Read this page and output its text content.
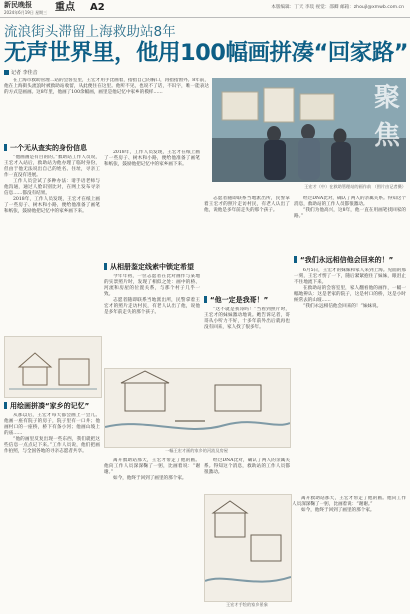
新民晚报
2024年6月19日 星期三 重点 A2	本版编辑：丁天 李琰 视觉：邵卿 邮箱：zhoujl@xmwb.com.cn
流浪街头滞留上海救助站8年
无声世界里，他用100幅画拼凑“回家路”
记者 李佳音
在上海市救助管理二站的会客室里，王宏才用手比画着，指指自己的胸口，再指指窗外。8年前，他在上海街头流浪时被救助站收留，从此便住在这里。他听不见，也说不了话，不识字，唯一能表达的方式是画画。这8年里，他画了100余幅画，画里是他记忆中家乡的模样……	聚
焦
王宏才（中）在救助管理站的画作前 （图片由记者摄）
一个无从查实的身份信息

“他画画是有目的的。”救助站工作人员说，王宏才入站后，救助站为他办理了临时身份，但由于他无法说出自己的姓名、住址，寻亲工作一直没有进展。

工作人员尝试了多种办法：请手语老师与他沟通，通过人脸识别比对，在网上发布寻亲信息……都没有结果。

2018年，工作人员发现，王宏才在纸上画了一些房子、树木和小路，便给他准备了画笔和纸张，鼓励他把记忆中的家乡画下来。

用绘画拼凑“家乡的记忆”

从那以后，王宏才每天都会画上一会儿。他画一座有院子的房子，院子里有一口井；他画村口的一座桥，桥下有条小河；他画山坡上的庙……

“他的画里反复出现一些东西，我们就把这些信息一点点记下来。”工作人员说，他们把画作拍照，与全国各地的寻亲志愿者共享。

从相册鉴定线索中锁定希望

2018年，工作人员发现，王宏才在纸上画了一些房子、树木和小路，便给他准备了画笔和纸张，鼓励他把记忆中的家乡画下来。

今年年初，一位志愿者在比对画作与某地的实景照片时，发现了相似之处：画中的桥、河流和房屋的位置关系，与那个村子几乎一致。

志愿者随即联系当地派出所，民警拿着王宏才的照片走访村民，有老人认出了他，说他是多年前走失的那个孩子。

一幅王宏才画的家乡的河流及房屋

离开救助站那天，王宏才带走了他的画。他向工作人员深深鞠了一躬，比画着说：“谢谢。”

如今，他终于回到了画里的那个家。

志愿者随即联系当地派出所，民警拿着王宏才的照片走访村民，有老人认出了他，说他是多年前走失的那个孩子。

“他一定是我哥！”

“这不就是我哥吗！”当看到照片时，王宏才的妹妹激动地说。她告诉记者，哥哥从小听力不好，十多年前外出后就再也没有回来，家人找了很多年。

经过DNA比对，确认了两人的亲属关系。得知这个消息，救助站的工作人员都很激动。

王宏才手绘的家乡景象

经过DNA比对，确认了两人的亲属关系。得知这个消息，救助站的工作人员都很激动。

“我们为他高兴，这8年，他一直在用画笔找回家的路。”

“我们永远相信他会回来的！”

6月5日，王宏才的妹妹和家人来到上海。见面的那一刻，王宏才愣了一下，随后紧紧抱住了妹妹，眼泪止不住地流下来。

在救助站的会客室里，家人翻看他的画作，一幅一幅地辨认：这是老家的院子，这是村口的桥，这是小时候常去的山坡……

“我们永远相信他会回来的！”妹妹说。

离开救助站那天，王宏才带走了他的画。他向工作人员深深鞠了一躬，比画着说：“谢谢。”

如今，他终于回到了画里的那个家。
